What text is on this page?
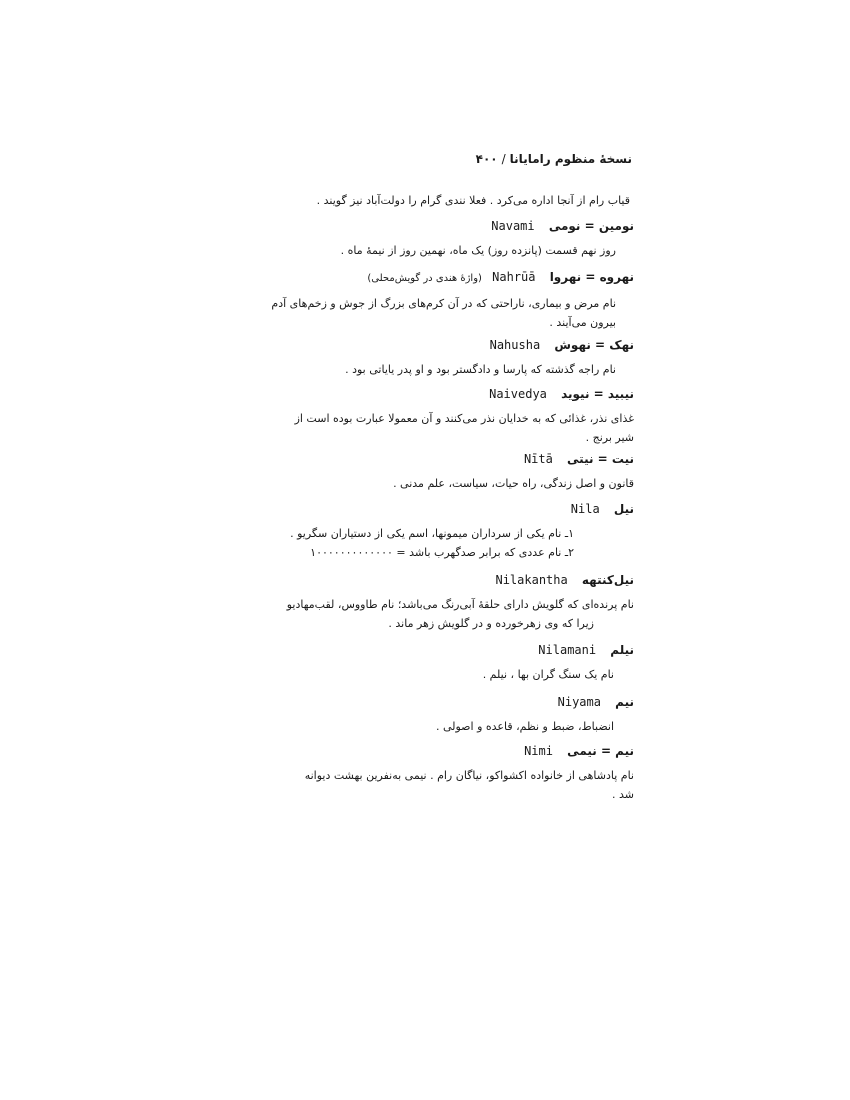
نسخهٔ منظوم رامایانا/۴۰۰
قیاب رام از آنجا اداره می‌کرد . فعلا نندی گرام را دولت‌آباد نیز گویند .
نومین = نومی Navami
روز نهم قسمت (پانزده روز) یک ماه، نهمین روز از نیمهٔ ماه .
نهروه = نهروا Nahrūā (واژهٔ هندی در گویش‌محلی)
نام مرض و بیماری، ناراحتی که در آن کرم‌های بزرگ از جوش و زخم‌های آدم
بیرون می‌آیند .
نهک = نهوش Nahusha
نام راجه گذشته که پارسا و دادگستر بود و او پدر یایاتی بود .
نیبید = نیوید Naivedya
غذای نذر، غذائی که به خدایان نذر می‌کنند و آن معمولا عبارت بوده است از
شیر برنج .
نیت = نیتی Nītā
قانون و اصل زندگی، راه حیات، سیاست، علم مدنی .
نیل Nila
۱ـ نام یکی از سرداران میمونها، اسم یکی از دستیاران سگریو .
۲ـ نام عددی که برابر صدگهرب باشد = ۱۰۰۰۰۰۰۰۰۰۰۰۰۰
نیل‌کنتهه Nilakantha
نام پرنده‌ای که گلویش دارای حلقهٔ آبی‌رنگ می‌باشد؛ نام طاووس، لقب‌مهادیو
زیرا که وی زهرخورده و در گلویش زهر ماند .
نیلم Nilamani
نام یک سنگ گران بها ، نیلم .
نیم Niyama
انضباط، ضبط و نظم، قاعده و اصولی .
نیم = نیمی Nimi
نام پادشاهی از خانواده اکشواکو، نیاگان رام . نیمی به‌نفرین بهشت دیوانه
شد .
